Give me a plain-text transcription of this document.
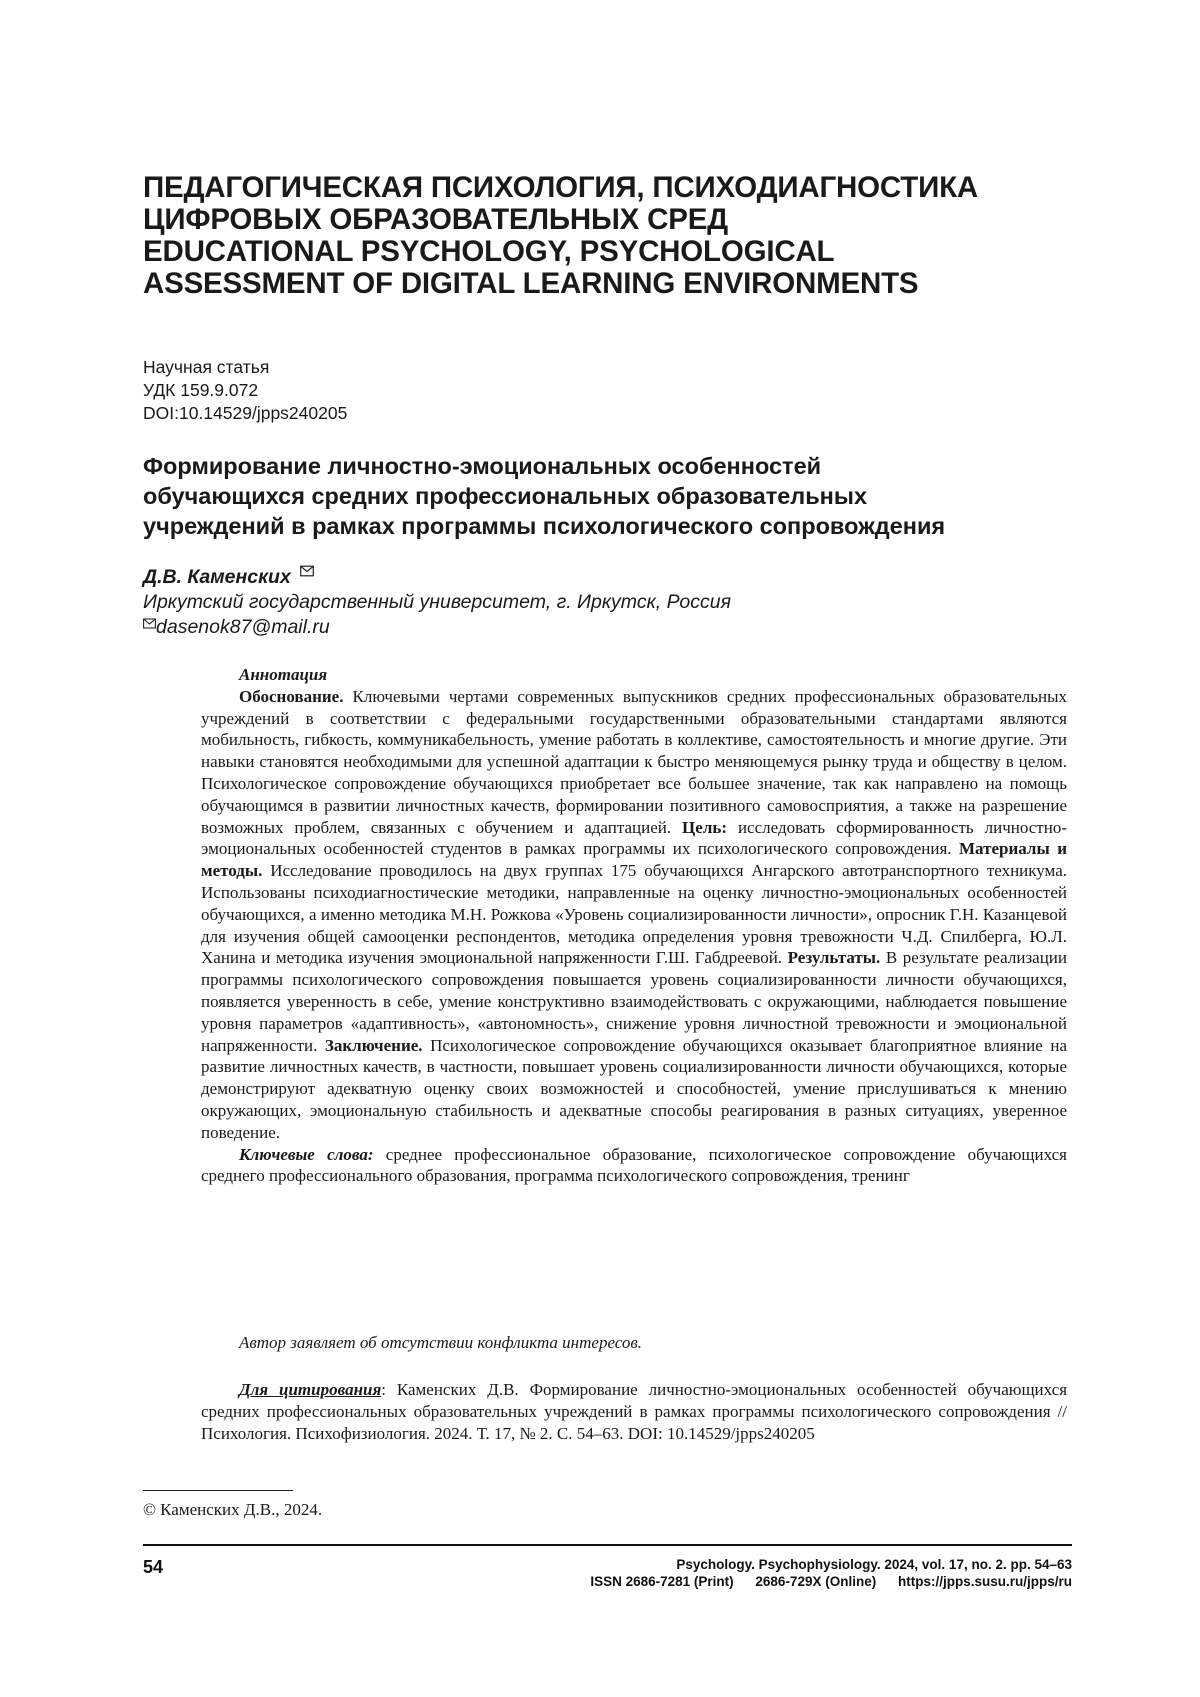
ПЕДАГОГИЧЕСКАЯ ПСИХОЛОГИЯ, ПСИХОДИАГНОСТИКА
ЦИФРОВЫХ ОБРАЗОВАТЕЛЬНЫХ СРЕД
EDUCATIONAL PSYCHOLOGY, PSYCHOLOGICAL
ASSESSMENT OF DIGITAL LEARNING ENVIRONMENTS
Научная статья
УДК 159.9.072
DOI:10.14529/jpps240205
Формирование личностно-эмоциональных особенностей
обучающихся средних профессиональных образовательных
учреждений в рамках программы психологического сопровождения
Д.В. Каменских
Иркутский государственный университет, г. Иркутск, Россия
dasenok87@mail.ru
Аннотация

Обоснование. Ключевыми чертами современных выпускников средних профессиональных образовательных учреждений в соответствии с федеральными государственными образовательными стандартами являются мобильность, гибкость, коммуникабельность, умение работать в коллективе, самостоятельность и многие другие. Эти навыки становятся необходимыми для успешной адаптации к быстро меняющемуся рынку труда и обществу в целом. Психологическое сопровождение обучающихся приобретает все большее значение, так как направлено на помощь обучающимся в развитии личностных качеств, формировании позитивного самовосприятия, а также на разрешение возможных проблем, связанных с обучением и адаптацией. Цель: исследовать сформированность личностно-эмоциональных особенностей студентов в рамках программы их психологического сопровождения. Материалы и методы. Исследование проводилось на двух группах 175 обучающихся Ангарского автотранспортного техникума. Использованы психодиагностические методики, направленные на оценку личностно-эмоциональных особенностей обучающихся, а именно методика М.Н. Рожкова «Уровень социализированности личности», опросник Г.Н. Казанцевой для изучения общей самооценки респондентов, методика определения уровня тревожности Ч.Д. Спилберга, Ю.Л. Ханина и методика изучения эмоциональной напряженности Г.Ш. Габдреевой. Результаты. В результате реализации программы психологического сопровождения повышается уровень социализированности личности обучающихся, появляется уверенность в себе, умение конструктивно взаимодействовать с окружающими, наблюдается повышение уровня параметров «адаптивность», «автономность», снижение уровня личностной тревожности и эмоциональной напряженности. Заключение. Психологическое сопровождение обучающихся оказывает благоприятное влияние на развитие личностных качеств, в частности, повышает уровень социализированности личности обучающихся, которые демонстрируют адекватную оценку своих возможностей и способностей, умение прислушиваться к мнению окружающих, эмоциональную стабильность и адекватные способы реагирования в разных ситуациях, уверенное поведение.

Ключевые слова: среднее профессиональное образование, психологическое сопровождение обучающихся среднего профессионального образования, программа психологического сопровождения, тренинг

Автор заявляет об отсутствии конфликта интересов.

Для цитирования: Каменских Д.В. Формирование личностно-эмоциональных особенностей обучающихся средних профессиональных образовательных учреждений в рамках программы психологического сопровождения // Психология. Психофизиология. 2024. Т. 17, № 2. С. 54–63. DOI: 10.14529/jpps240205

© Каменских Д.В., 2024.
54	Psychology. Psychophysiology. 2024, vol. 17, no. 2. pp. 54–63
ISSN 2686-7281 (Print) 2686-729X (Online) https://jpps.susu.ru/jpps/ru
